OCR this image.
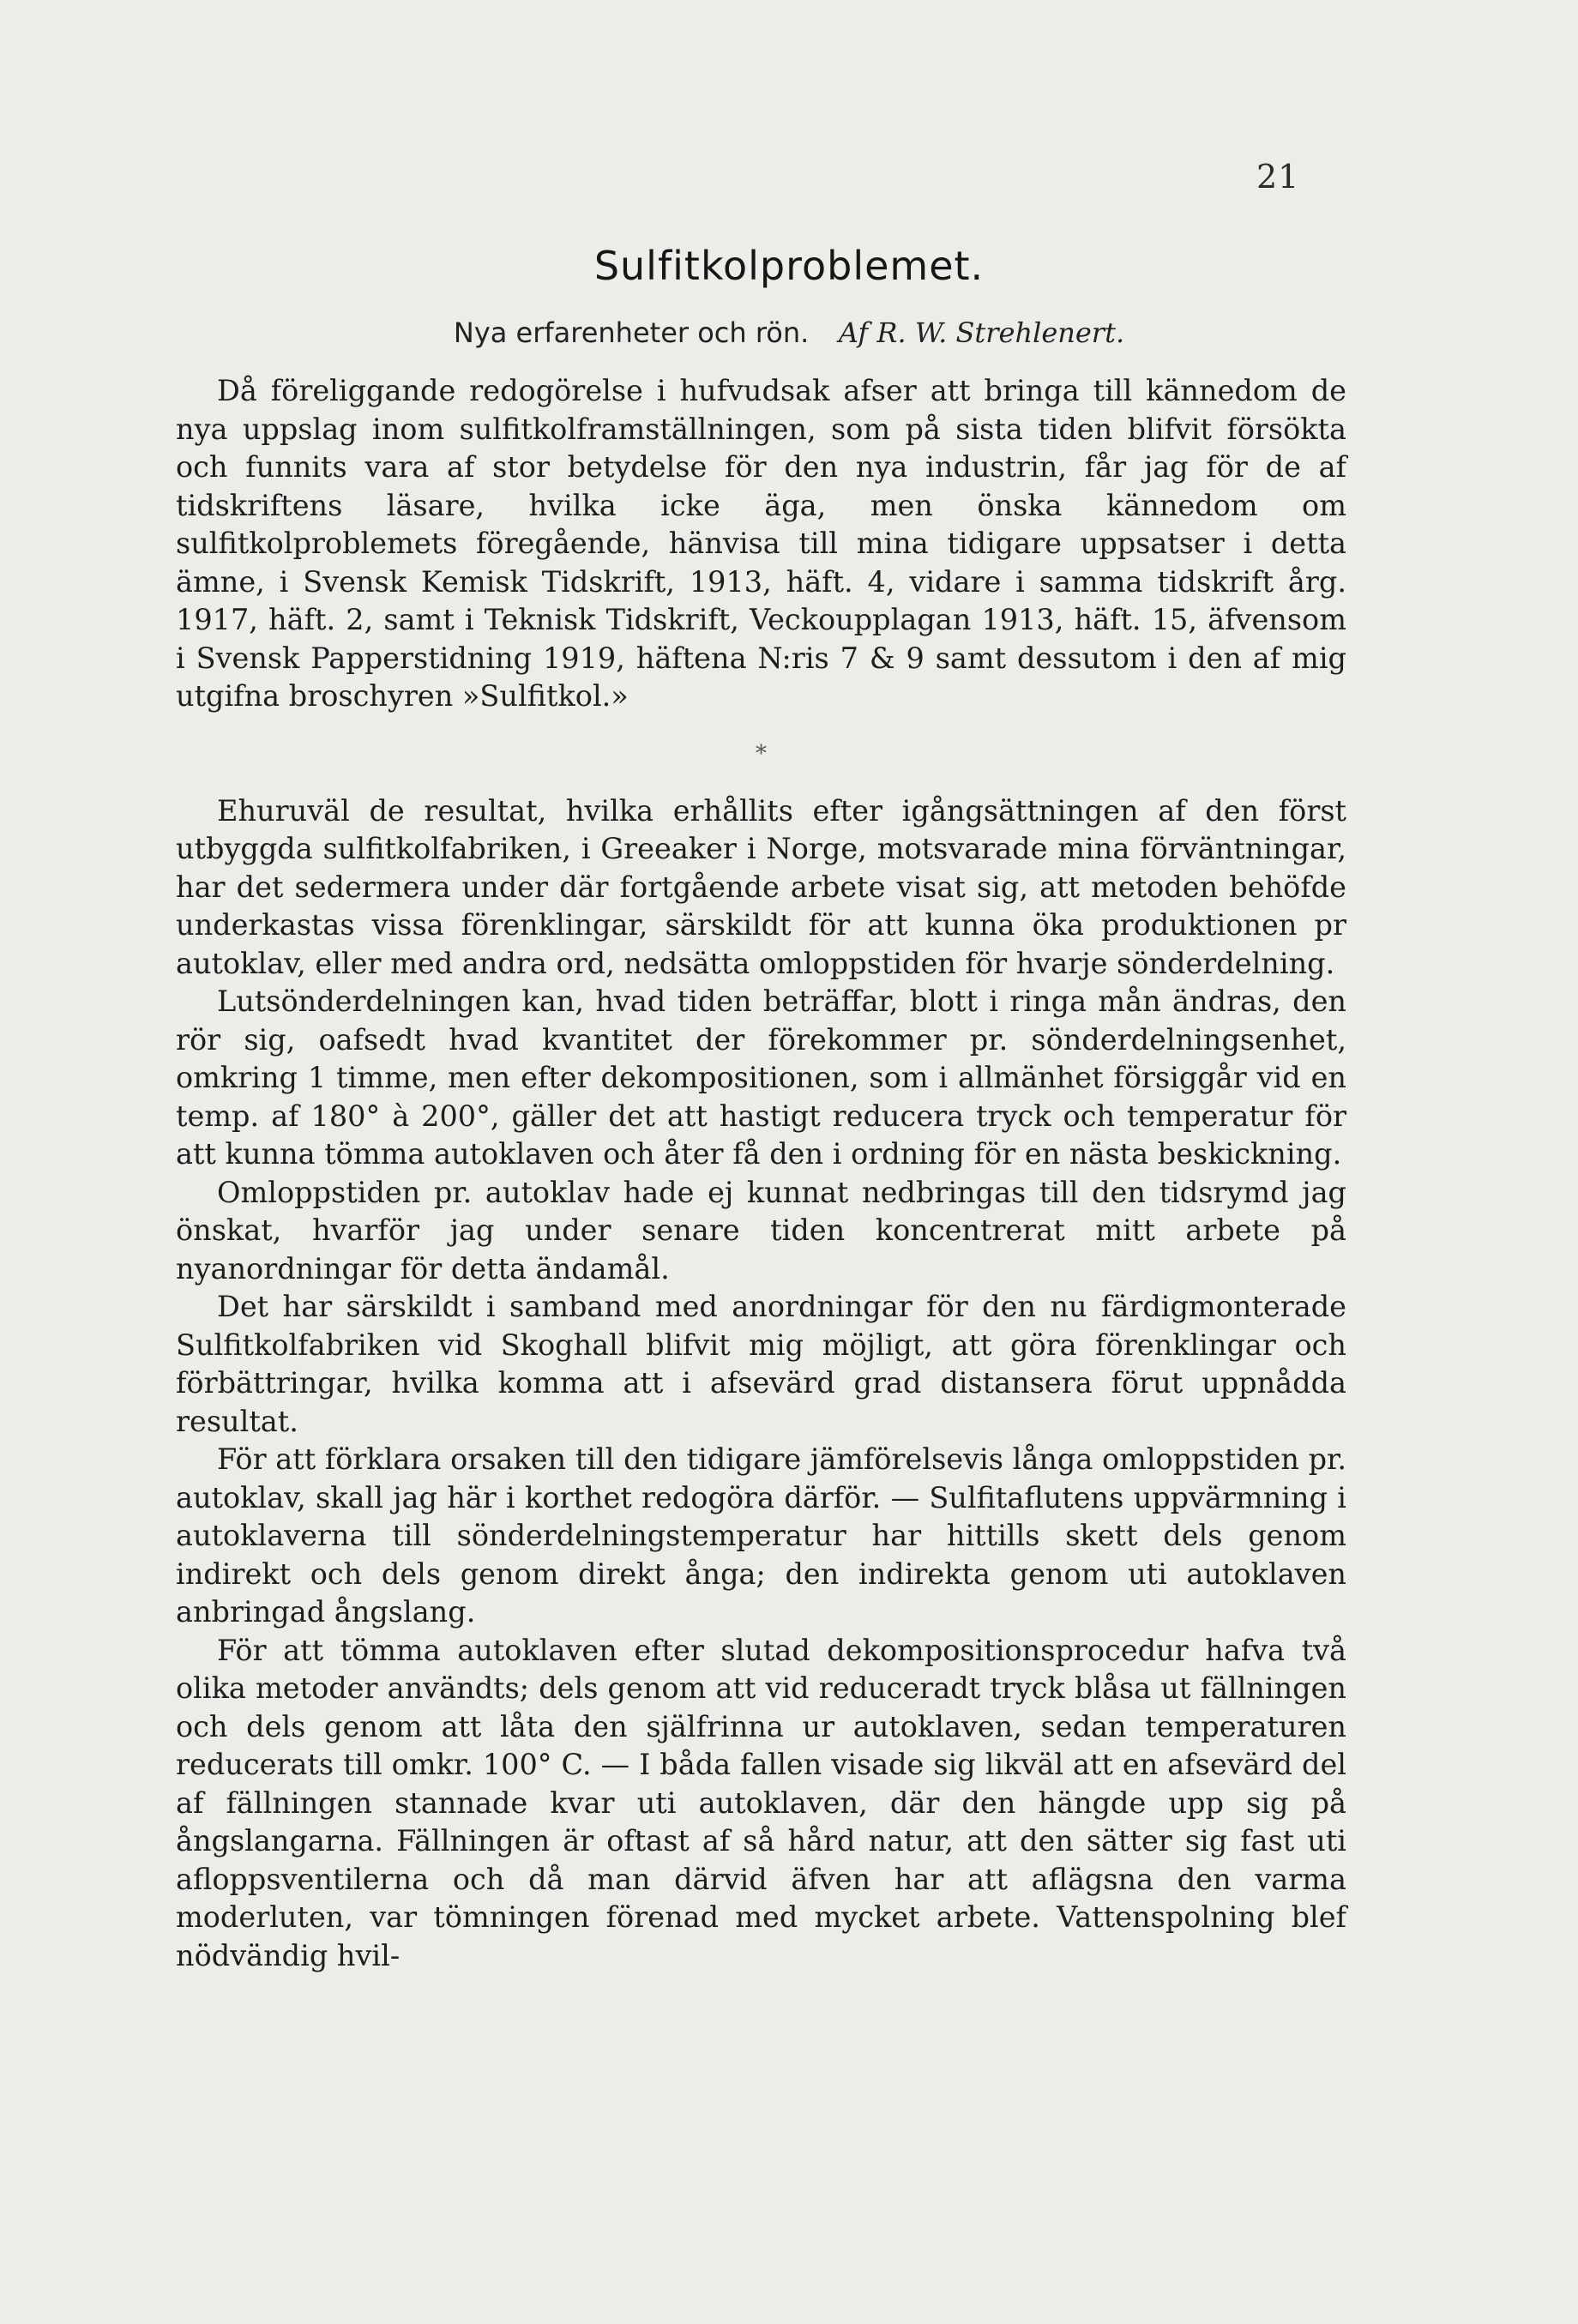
21
Sulfitkolproblemet.
Nya erfarenheter och rön. Af R. W. Strehlenert.

Då föreliggande redogörelse i hufvudsak afser att bringa till kännedom de nya uppslag inom sulfitkolframställningen, som på sista tiden blifvit försökta och funnits vara af stor betydelse för den nya industrin, får jag för de af tidskriftens läsare, hvilka icke äga, men önska kännedom om sulfitkolproblemets föregående, hänvisa till mina tidigare uppsatser i detta ämne, i Svensk Kemisk Tidskrift, 1913, häft. 4, vidare i samma tidskrift årg. 1917, häft. 2, samt i Teknisk Tidskrift, Veckoupplagan 1913, häft. 15, äfvensom i Svensk Papperstidning 1919, häftena N:ris 7 & 9 samt dessutom i den af mig utgifna broschyren »Sulfitkol.»

*

Ehuruväl de resultat, hvilka erhållits efter igångsättningen af den först utbyggda sulfitkolfabriken, i Greeaker i Norge, motsvarade mina förväntningar, har det sedermera under där fortgående arbete visat sig, att metoden behöfde underkastas vissa förenklingar, särskildt för att kunna öka produktionen pr autoklav, eller med andra ord, nedsätta omloppstiden för hvarje sönderdelning.

Lutsönderdelningen kan, hvad tiden beträffar, blott i ringa mån ändras, den rör sig, oafsedt hvad kvantitet der förekommer pr. sönderdelningsenhet, omkring 1 timme, men efter dekompositionen, som i allmänhet försiggår vid en temp. af 180° à 200°, gäller det att hastigt reducera tryck och temperatur för att kunna tömma autoklaven och åter få den i ordning för en nästa beskickning.

Omloppstiden pr. autoklav hade ej kunnat nedbringas till den tidsrymd jag önskat, hvarför jag under senare tiden koncentrerat mitt arbete på nyanordningar för detta ändamål.

Det har särskildt i samband med anordningar för den nu färdigmonterade Sulfitkolfabriken vid Skoghall blifvit mig möjligt, att göra förenklingar och förbättringar, hvilka komma att i afsevärd grad distansera förut uppnådda resultat.

För att förklara orsaken till den tidigare jämförelsevis långa omloppstiden pr. autoklav, skall jag här i korthet redogöra därför. — Sulfitaflutens uppvärmning i autoklaverna till sönderdelningstemperatur har hittills skett dels genom indirekt och dels genom direkt ånga; den indirekta genom uti autoklaven anbringad ångslang.

För att tömma autoklaven efter slutad dekompositionsprocedur hafva två olika metoder användts; dels genom att vid reduceradt tryck blåsa ut fällningen och dels genom att låta den själfrinna ur autoklaven, sedan temperaturen reducerats till omkr. 100° C. — I båda fallen visade sig likväl att en afsevärd del af fällningen stannade kvar uti autoklaven, där den hängde upp sig på ångslangarna. Fällningen är oftast af så hård natur, att den sätter sig fast uti afloppsventilerna och då man därvid äfven har att aflägsna den varma moderluten, var tömningen förenad med mycket arbete. Vattenspolning blef nödvändig hvil-
